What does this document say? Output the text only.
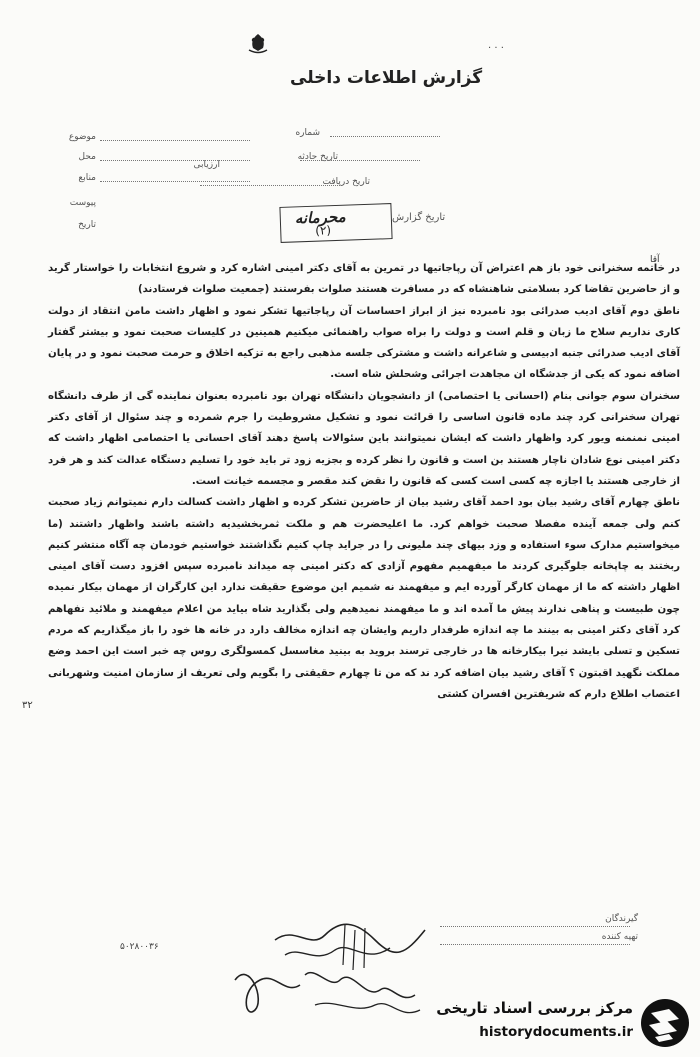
. . .
گزارش اطلاعات داخلی
موضوع
محل
منابع
پیوست
تاریخ
شماره
تاریخ حادثه
ارزیابی
تاریخ دریافت
محرمانه
(۲)
تاریخ گزارش
آقا

در خاتمه سخنرانی خود باز هم اعتراض آن رپاجاتیها در تمرین به آقای دکتر امینی اشاره کرد و شروع انتخابات را خواستار گرید و از حاضرین تقاضا کرد بسلامتی شاهنشاه که در مسافرت هستند صلوات بفرستند (جمعیت صلوات فرستادند)

ناطق دوم آقای ادیب صدرائی بود نامبرده نیز از ابراز احساسات آن رپاجاتیها تشکر نمود و اظهار داشت مامن انتقاد از دولت کاری نداریم سلاح ما زبان و قلم است و دولت را براه صواب راهنمائی میکنیم همینین در کلیسات صحبت نمود و بیشتر گفتار آقای ادیب صدرائی جنبه ادبیسی و شاعرانه داشت و مشترکی جلسه مذهبی راجع به تزکیه اخلاق و حرمت صحبت نمود و در پایان اضافه نمود که یکی از جدشگاه ان مجاهدت اجرائی وشحلش شاه است.

سخنران سوم جوانی بنام (احسانی یا احتصامی) از دانشجویان دانشگاه تهران بود نامبرده بعنوان نماینده گی از طرف دانشگاه تهران سخنرانی کرد چند ماده قانون اساسی را قرائت نمود و تشکیل مشروطیت را جرم شمرده و چند سئوال از آقای دکتر امینی نمنمنه ویور کرد واظهار داشت که ایشان نمیتوانند باین سئوالات پاسخ دهند آقای احسانی یا احتصامی اظهار داشت که دکتر امینی نوع شادان ناچار هستند بن است و قانون را نظر کرده و بجزیه زود تر باید خود را تسلیم دستگاه عدالت کند و هر فرد از خارجی هستند یا اجازه چه کسی است کسی که قانون را نقض کند مقصر و مجسمه خیانت است.

ناطق چهارم آقای رشید بیان بود احمد آقای رشید بیان از حاضرین تشکر کرده و اظهار داشت کسالت دارم نمیتوانم زیاد صحبت کنم ولی جمعه آینده مفصلا صحبت خواهم کرد. ما اعلیحضرت هم و ملکت ثمربخشیدیه داشته باشند واظهار داشتند (ما میخواستیم مدارک سوء استفاده و وزد بیهای چند ملیونی را در جراید چاپ کنیم نگذاشتند خواستیم خودمان چه آگاه منتشر کنیم ربختند به چاپخانه جلوگیری کردند ما میفهمیم مفهوم آزادی که دکتر امینی چه میداند نامبرده سپس افزود دست آقای امینی اظهار داشته که ما از مهمان کارگر آورده ایم و میفهمند نه شمیم این موضوع حقیقت ندارد این کارگران از مهمان بیکار نمیده چون طبیست و پناهی ندارند پیش ما آمده اند و ما میفهمند نمیدهیم ولی بگذارید شاه بیاید من اعلام میفهمند و ملائید نفهاهم کرد آقای دکتر امینی به بینند ما چه اندازه طرفدار داریم وایشان چه اندازه مخالف دارد در خانه ها خود را باز میگذاریم که مردم تسکین و تسلی بایشد نیرا بیکارخانه ها در خارجی ترسند بروید به بینید مغاسسل کمسولگری روس چه خبر است این احمد وضع مملکت نگهید اقبتون ؟ آقای رشید بیان اضافه کرد ند که من تا چهارم حقیقتی را بگویم ولی تعریف از سازمان امنیت وشهربانی اعتصاب اطلاع دارم که شریفترین افسران کشتی

۳۲
گیرندگان
تهیه کننده
۵۰۲۸۰۰۳۶
مرکز بررسی اسناد تاریخی
historydocuments.ir
